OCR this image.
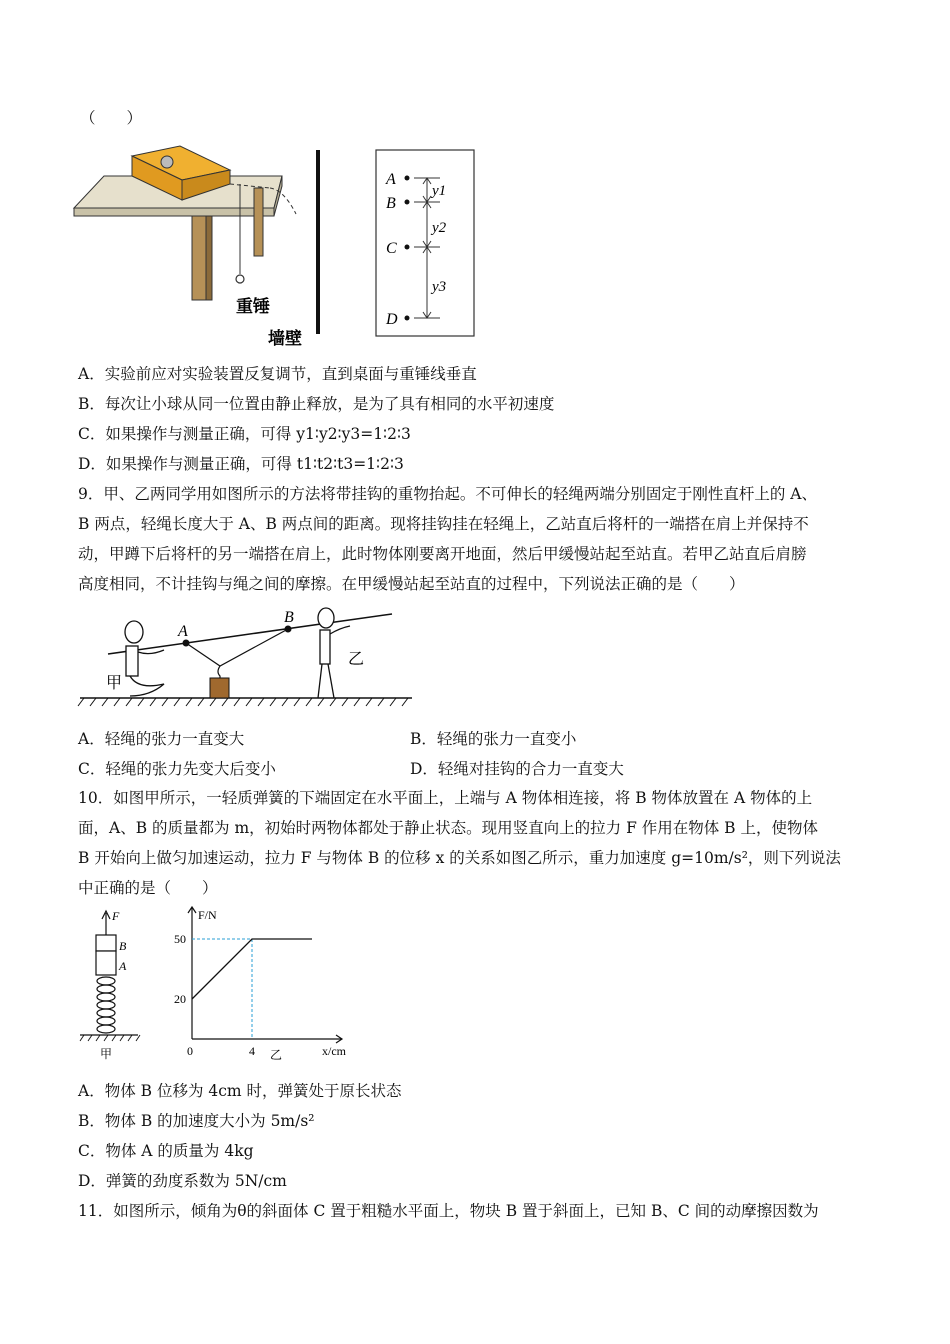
（　　）
重锤
墙壁
A
B
C
D
y1
y2
y3
A．实验前应对实验装置反复调节，直到桌面与重锤线垂直
B．每次让小球从同一位置由静止释放，是为了具有相同的水平初速度
C．如果操作与测量正确，可得 y1∶y2∶y3=1∶2∶3
D．如果操作与测量正确，可得 t1∶t2∶t3=1∶2∶3
9．甲、乙两同学用如图所示的方法将带挂钩的重物抬起。不可伸长的轻绳两端分别固定于刚性直杆上的 A、
B 两点，轻绳长度大于 A、B 两点间的距离。现将挂钩挂在轻绳上，乙站直后将杆的一端搭在肩上并保持不
动，甲蹲下后将杆的另一端搭在肩上，此时物体刚要离开地面，然后甲缓慢站起至站直。若甲乙站直后肩膀
高度相同，不计挂钩与绳之间的摩擦。在甲缓慢站起至站直的过程中，下列说法正确的是（　　）
A
B
甲
乙
A．轻绳的张力一直变大	B．轻绳的张力一直变小
C．轻绳的张力先变大后变小	D．轻绳对挂钩的合力一直变大
10．如图甲所示，一轻质弹簧的下端固定在水平面上，上端与 A 物体相连接，将 B 物体放置在 A 物体的上
面，A、B 的质量都为 m，初始时两物体都处于静止状态。现用竖直向上的拉力 F 作用在物体 B 上，使物体
B 开始向上做匀加速运动，拉力 F 与物体 B 的位移 x 的关系如图乙所示，重力加速度 g=10m/s²，则下列说法
中正确的是（　　）
F
B
A
甲
F/N
x/cm
乙
0	4
20
50
A．物体 B 位移为 4cm 时，弹簧处于原长状态
B．物体 B 的加速度大小为 5m/s²
C．物体 A 的质量为 4kg
D．弹簧的劲度系数为 5N/cm
11．如图所示，倾角为θ的斜面体 C 置于粗糙水平面上，物块 B 置于斜面上，已知 B、C 间的动摩擦因数为
